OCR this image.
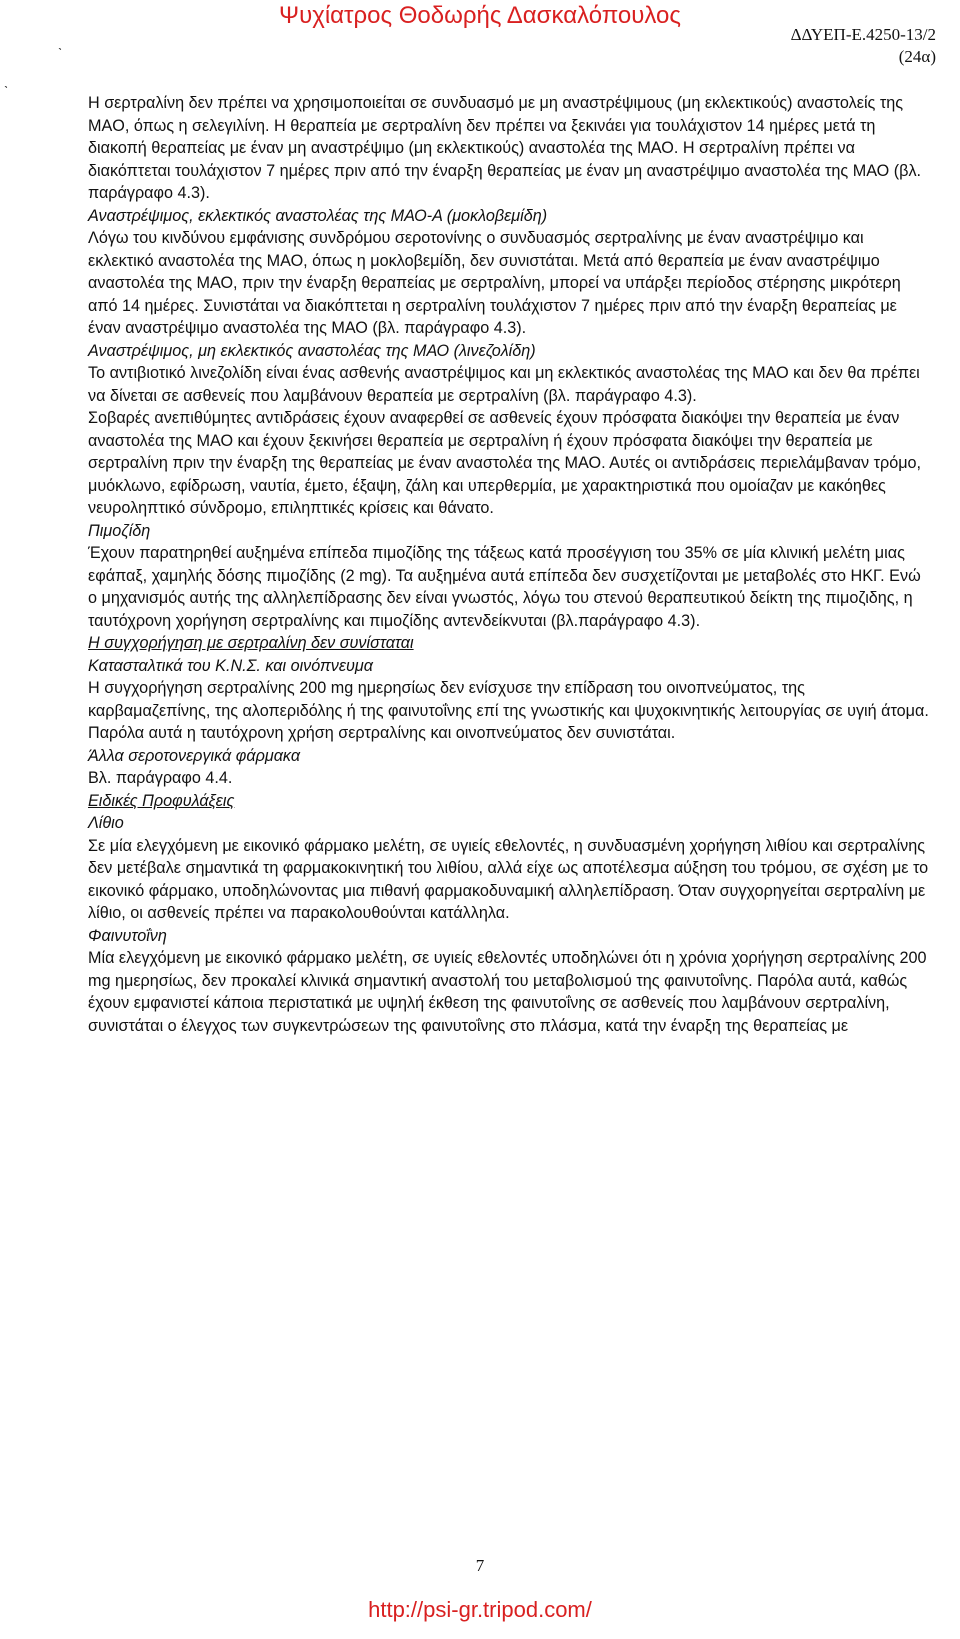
Ψυχίατρος Θοδωρής Δασκαλόπουλος
ˎ
ˎ
ΔΔΥΕΠ-Ε.4250-13/2
(24α)

Η σερτραλίνη δεν πρέπει να χρησιμοποιείται σε συνδυασμό με μη αναστρέψιμους (μη εκλεκτικούς) αναστολείς της MAO, όπως η σελεγιλίνη. Η θεραπεία με σερτραλίνη δεν πρέπει να ξεκινάει για τουλάχιστον 14 ημέρες μετά τη διακοπή θεραπείας με έναν μη αναστρέψιμο (μη εκλεκτικούς) αναστολέα της ΜΑΟ. Η σερτραλίνη πρέπει να διακόπτεται τουλάχιστον 7 ημέρες πριν από την έναρξη θεραπείας με έναν μη αναστρέψιμο αναστολέα της ΜΑΟ (βλ. παράγραφο 4.3).

Αναστρέψιμος, εκλεκτικός αναστολέας της ΜΑΟ-Α (μοκλοβεμίδη)

Λόγω του κινδύνου εμφάνισης συνδρόμου σεροτονίνης ο συνδυασμός σερτραλίνης με έναν αναστρέψιμο και εκλεκτικό αναστολέα της ΜΑΟ, όπως η μοκλοβεμίδη, δεν συνιστάται. Μετά από θεραπεία με έναν αναστρέψιμο αναστολέα της ΜΑΟ, πριν την έναρξη θεραπείας με σερτραλίνη, μπορεί να υπάρξει περίοδος στέρησης μικρότερη από 14 ημέρες. Συνιστάται να διακόπτεται η σερτραλίνη τουλάχιστον 7 ημέρες πριν από την έναρξη θεραπείας με έναν αναστρέψιμο αναστολέα της ΜΑΟ (βλ. παράγραφο 4.3).

Αναστρέψιμος, μη εκλεκτικός αναστολέας της ΜΑΟ (λινεζολίδη)

Το αντιβιοτικό λινεζολίδη είναι ένας ασθενής αναστρέψιμος και μη εκλεκτικός αναστολέας της ΜΑΟ και δεν θα πρέπει να δίνεται σε ασθενείς που λαμβάνουν θεραπεία με σερτραλίνη (βλ. παράγραφο 4.3).

Σοβαρές ανεπιθύμητες αντιδράσεις έχουν αναφερθεί σε ασθενείς έχουν πρόσφατα διακόψει την θεραπεία με έναν αναστολέα της ΜΑΟ και έχουν ξεκινήσει θεραπεία με σερτραλίνη ή έχουν πρόσφατα διακόψει την θεραπεία με σερτραλίνη πριν την έναρξη της θεραπείας με έναν αναστολέα της ΜΑΟ. Αυτές οι αντιδράσεις περιελάμβαναν τρόμο, μυόκλωνο, εφίδρωση, ναυτία, έμετο, έξαψη, ζάλη και υπερθερμία, με χαρακτηριστικά που ομοίαζαν με κακόηθες νευροληπτικό σύνδρομο, επιληπτικές κρίσεις και θάνατο.

Πιμοζίδη

Έχουν παρατηρηθεί αυξημένα επίπεδα πιμοζίδης της τάξεως κατά προσέγγιση του 35% σε μία κλινική μελέτη μιας εφάπαξ, χαμηλής δόσης πιμοζίδης (2 mg). Τα αυξημένα αυτά επίπεδα δεν συσχετίζονται με μεταβολές στο ΗΚΓ. Ενώ ο μηχανισμός αυτής της αλληλεπίδρασης δεν είναι γνωστός, λόγω του στενού θεραπευτικού δείκτη της πιμοζιδης, η ταυτόχρονη χορήγηση σερτραλίνης και πιμοζίδης αντενδείκνυται (βλ.παράγραφο 4.3).

Η συγχορήγηση με σερτραλίνη δεν συνίσταται

Κατασταλτικά του Κ.Ν.Σ. και οινόπνευμα

Η συγχορήγηση σερτραλίνης 200 mg ημερησίως δεν ενίσχυσε την επίδραση του οινοπνεύματος, της καρβαμαζεπίνης, της αλοπεριδόλης ή της φαινυτοΐνης επί της γνωστικής και ψυχοκινητικής λειτουργίας σε υγιή άτομα. Παρόλα αυτά η ταυτόχρονη χρήση σερτραλίνης και οινοπνεύματος δεν συνιστάται.

Άλλα σεροτονεργικά φάρμακα

Βλ. παράγραφο 4.4.

Ειδικές Προφυλάξεις

Λίθιο

Σε μία ελεγχόμενη με εικονικό φάρμακο μελέτη, σε υγιείς εθελοντές, η συνδυασμένη χορήγηση λιθίου και σερτραλίνης δεν μετέβαλε σημαντικά τη φαρμακοκινητική του λιθίου, αλλά είχε ως αποτέλεσμα αύξηση του τρόμου, σε σχέση με το εικονικό φάρμακο, υποδηλώνοντας μια πιθανή φαρμακοδυναμική αλληλεπίδραση. Όταν συγχορηγείται σερτραλίνη με λίθιο, οι ασθενείς πρέπει να παρακολουθούνται κατάλληλα.

Φαινυτοΐνη

Μία ελεγχόμενη με εικονικό φάρμακο μελέτη, σε υγιείς εθελοντές υποδηλώνει ότι η χρόνια χορήγηση σερτραλίνης 200 mg ημερησίως, δεν προκαλεί κλινικά σημαντική αναστολή του μεταβολισμού της φαινυτοΐνης. Παρόλα αυτά, καθώς έχουν εμφανιστεί κάποια περιστατικά με υψηλή έκθεση της φαινυτοΐνης σε ασθενείς που λαμβάνουν σερτραλίνη, συνιστάται ο έλεγχος των συγκεντρώσεων της φαινυτοΐνης στο πλάσμα, κατά την έναρξη της θεραπείας με

7
http://psi-gr.tripod.com/
